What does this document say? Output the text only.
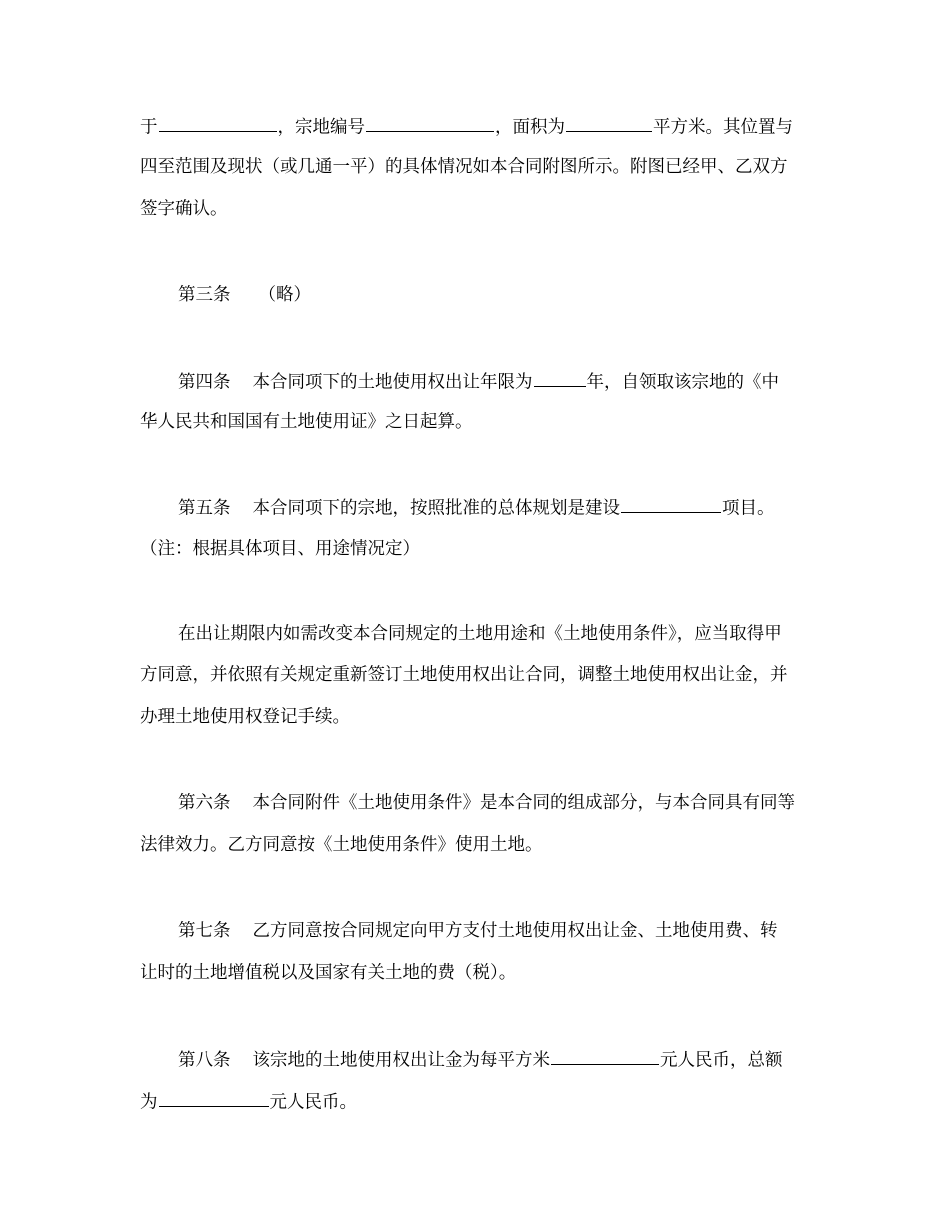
于	，宗地编号	，面积为	平方米。其位置与
四至范围及现状（或几通一平）的具体情况如本合同附图所示。附图已经甲、乙双方
签字确认。
第三条 （略）
第四条 本合同项下的土地使用权出让年限为	年，自领取该宗地的《中
华人民共和国国有土地使用证》之日起算。
第五条 本合同项下的宗地，按照批准的总体规划是建设	项目。
（注：根据具体项目、用途情况定）
在出让期限内如需改变本合同规定的土地用途和《土地使用条件》，应当取得甲
方同意，并依照有关规定重新签订土地使用权出让合同，调整土地使用权出让金，并
办理土地使用权登记手续。
第六条 本合同附件《土地使用条件》是本合同的组成部分，与本合同具有同等
法律效力。乙方同意按《土地使用条件》使用土地。
第七条 乙方同意按合同规定向甲方支付土地使用权出让金、土地使用费、转
让时的土地增值税以及国家有关土地的费（税）。
第八条 该宗地的土地使用权出让金为每平方米	元人民币，总额
为	元人民币。
